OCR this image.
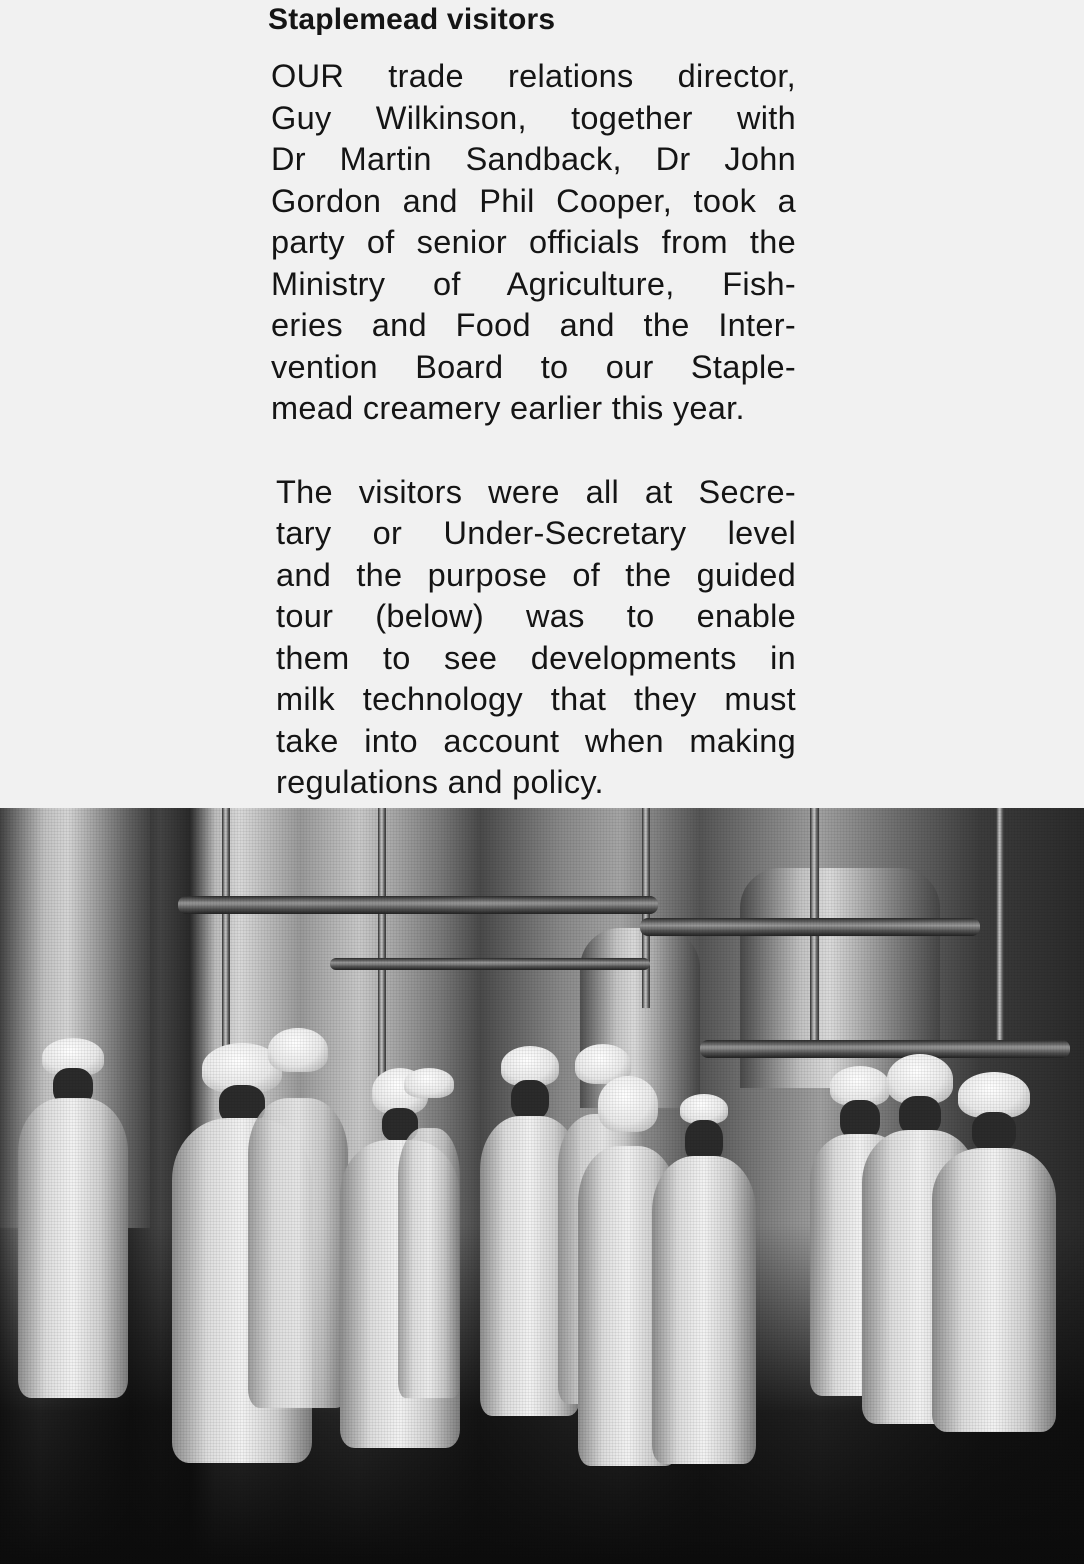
Staplemead visitors

OUR trade relations director,
Guy Wilkinson, together with
Dr Martin Sandback, Dr John
Gordon and Phil Cooper, took a
party of senior officials from the
Ministry of Agriculture, Fish-
eries and Food and the Inter-
vention Board to our Staple-
mead creamery earlier this year.

The visitors were all at Secre-
tary or Under-Secretary level
and the purpose of the guided
tour (below) was to enable
them to see developments in
milk technology that they must
take into account when making
regulations and policy.
